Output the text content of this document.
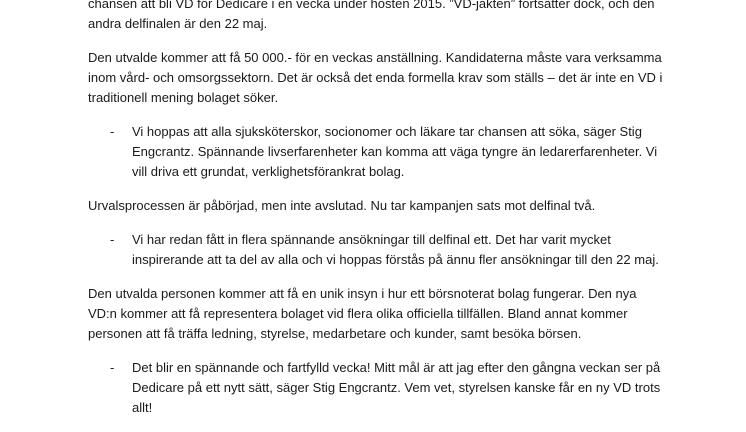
chansen att bli VD för Dedicare i en vecka under hösten 2015. ”VD-jakten” fortsätter dock, och den
andra delfinalen är den 22 maj.

Den utvalde kommer att få 50 000.- för en veckas anställning. Kandidaterna måste vara verksamma
inom vård- och omsorgssektorn. Det är också det enda formella krav som ställs – det är inte en VD i
traditionell mening bolaget söker.

- Vi hoppas att alla sjuksköterskor, socionomer och läkare tar chansen att söka, säger Stig
Engcrantz. Spännande livserfarenheter kan komma att väga tyngre än ledarerfarenheter. Vi
vill driva ett grundat, verklighetsförankrat bolag.

Urvalsprocessen är påbörjad, men inte avslutad. Nu tar kampanjen sats mot delfinal två.

- Vi har redan fått in flera spännande ansökningar till delfinal ett. Det har varit mycket
inspirerande att ta del av alla och vi hoppas förstås på ännu fler ansökningar till den 22 maj.

Den utvalda personen kommer att få en unik insyn i hur ett börsnoterat bolag fungerar. Den nya
VD:n kommer att få representera bolaget vid flera olika officiella tillfällen. Bland annat kommer
personen att få träffa ledning, styrelse, medarbetare och kunder, samt besöka börsen.

- Det blir en spännande och fartfylld vecka! Mitt mål är att jag efter den gångna veckan ser på
Dedicare på ett nytt sätt, säger Stig Engcrantz. Vem vet, styrelsen kanske får en ny VD trots
allt!
